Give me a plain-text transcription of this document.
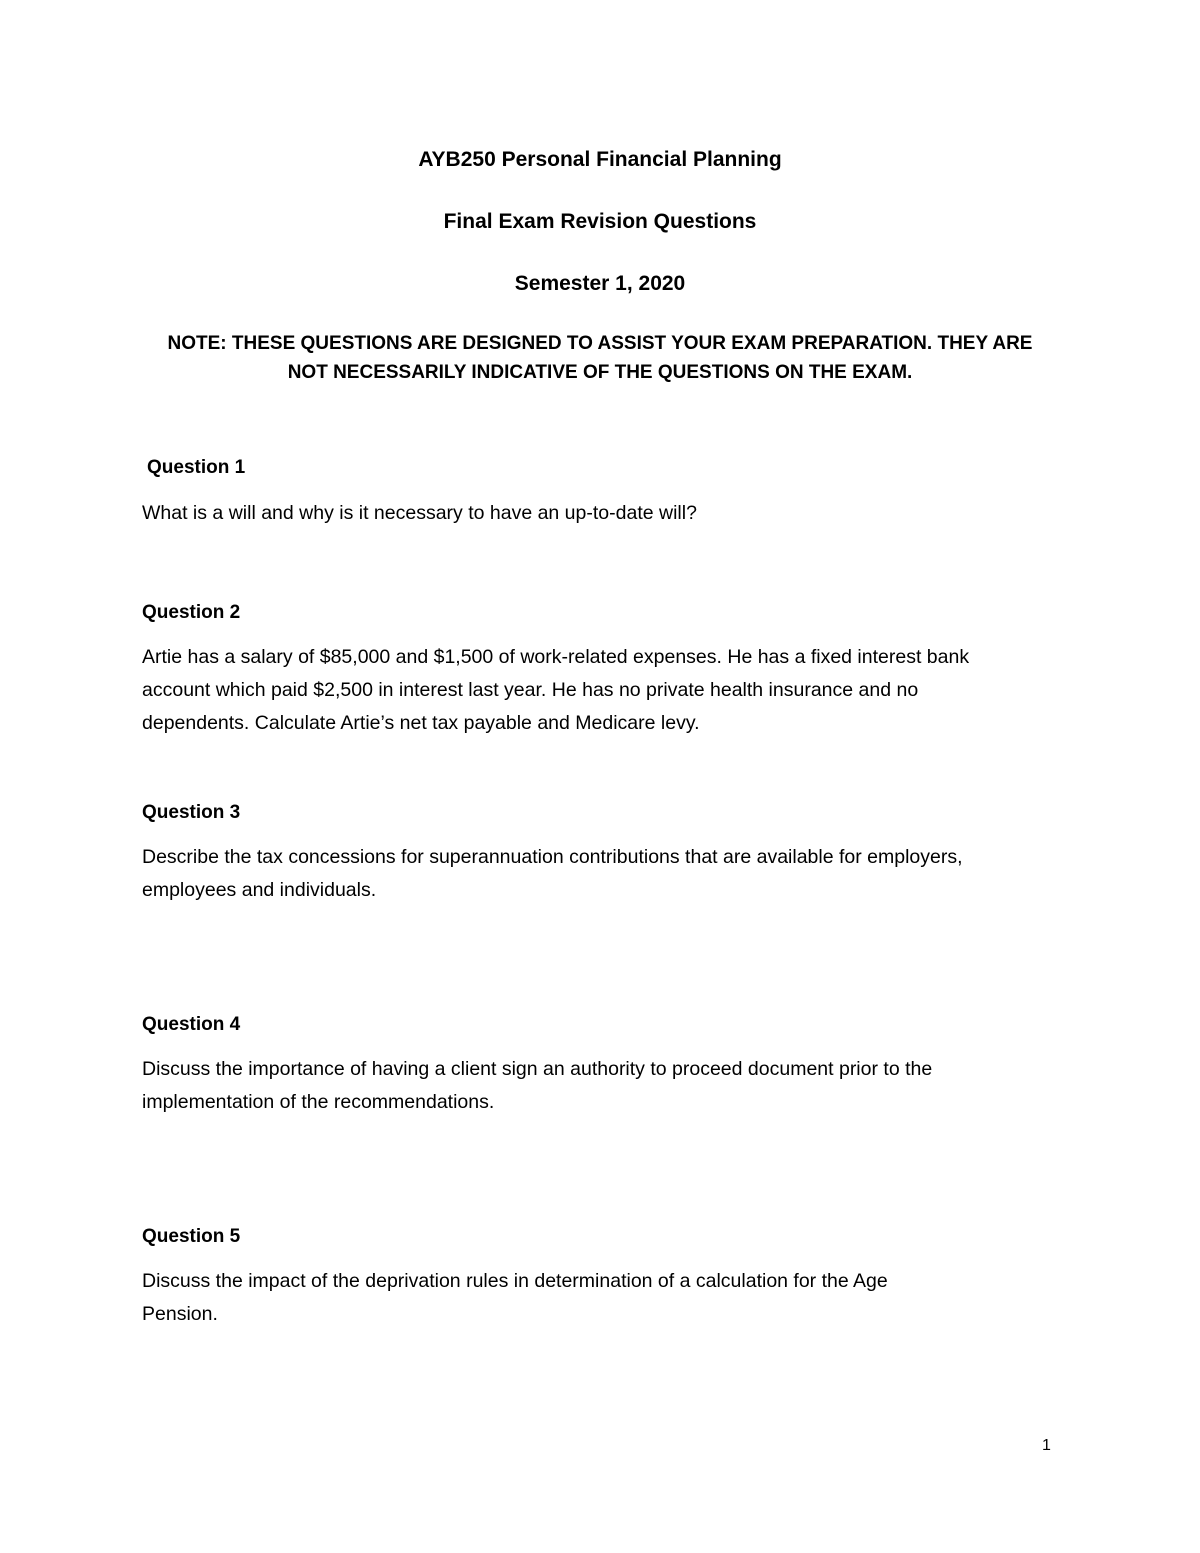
AYB250 Personal Financial Planning
Final Exam Revision Questions
Semester 1, 2020
NOTE: THESE QUESTIONS ARE DESIGNED TO ASSIST YOUR EXAM PREPARATION. THEY ARE
NOT NECESSARILY INDICATIVE OF THE QUESTIONS ON THE EXAM.
Question 1
What is a will and why is it necessary to have an up-to-date will?
Question 2
Artie has a salary of $85,000 and $1,500 of work-related expenses. He has a fixed interest bank
account which paid $2,500 in interest last year. He has no private health insurance and no
dependents. Calculate Artie’s net tax payable and Medicare levy.
Question 3
Describe the tax concessions for superannuation contributions that are available for employers,
employees and individuals.
Question 4
Discuss the importance of having a client sign an authority to proceed document prior to the
implementation of the recommendations.
Question 5
Discuss the impact of the deprivation rules in determination of a calculation for the Age
Pension.
1
